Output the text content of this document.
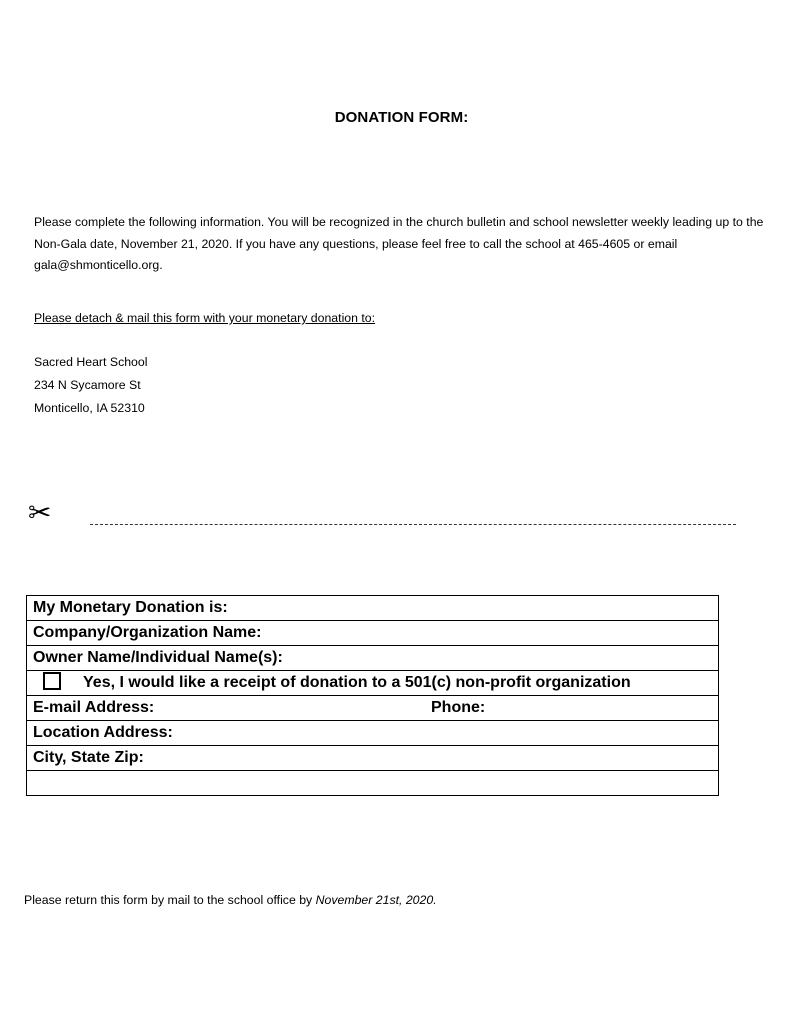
DONATION FORM:
Please complete the following information. You will be recognized in the church bulletin and school newsletter weekly leading up to the Non-Gala date, November 21, 2020. If you have any questions, please feel free to call the school at 465-4605 or email gala@shmonticello.org.
Please detach & mail this form with your monetary donation to:
Sacred Heart School
234 N Sycamore St
Monticello, IA 52310
✂
My Monetary Donation is:
Company/Organization Name:
Owner Name/Individual Name(s):
Yes, I would like a receipt of donation to a 501(c) non-profit organization
E-mail Address:	Phone:

Location Address:
City, State Zip:

Please return this form by mail to the school office by November 21st, 2020.
